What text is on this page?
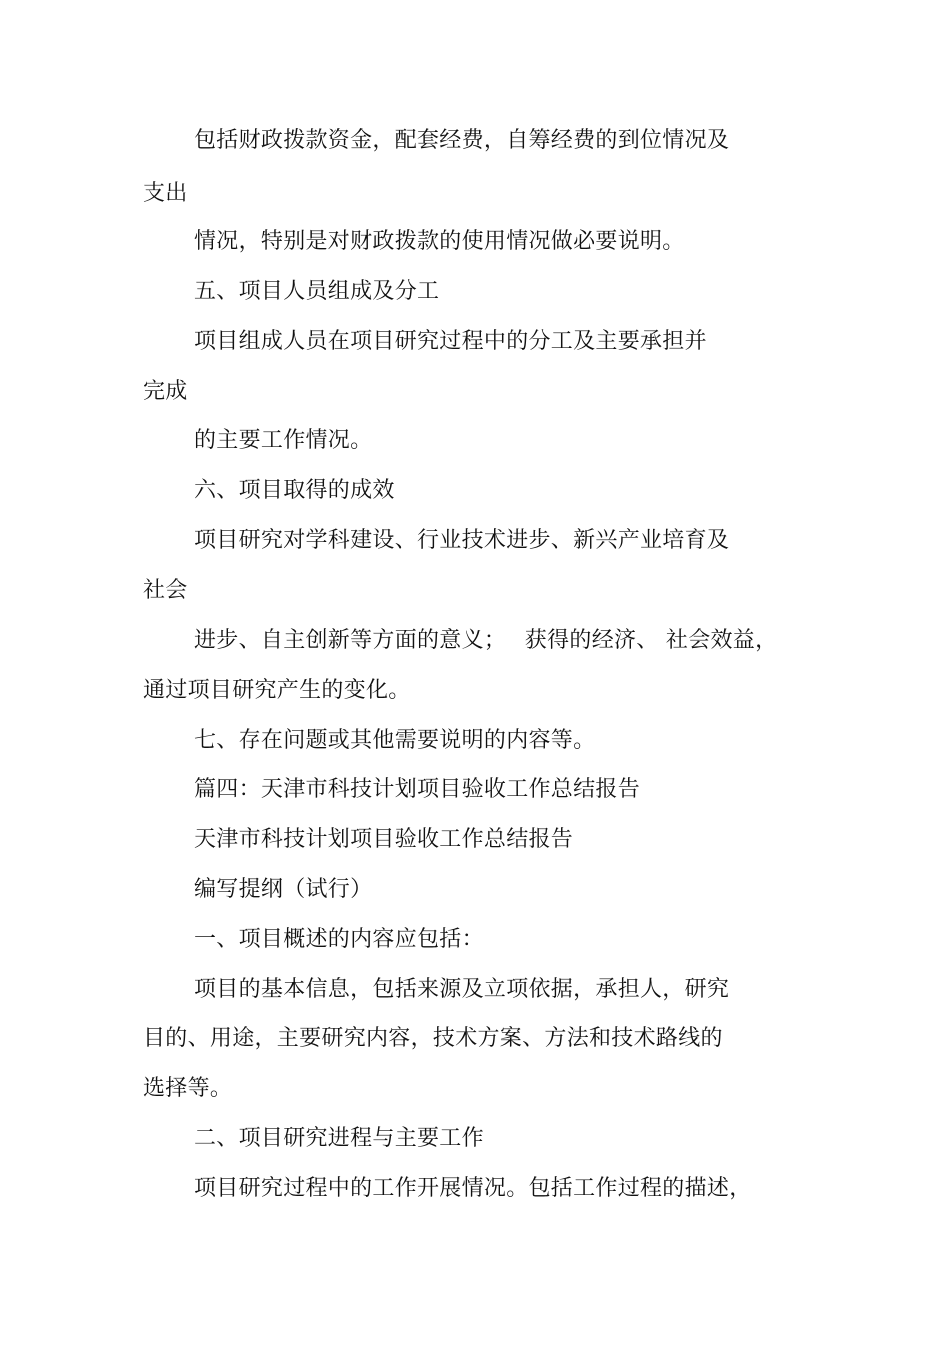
包括财政拨款资金，配套经费，自筹经费的到位情况及
支出
情况，特别是对财政拨款的使用情况做必要说明。
五、项目人员组成及分工
项目组成人员在项目研究过程中的分工及主要承担并
完成
的主要工作情况。
六、项目取得的成效
项目研究对学科建设、行业技术进步、新兴产业培育及
社会
进步、自主创新等方面的意义；　 获得的经济、 社会效益，
通过项目研究产生的变化。
七、存在问题或其他需要说明的内容等。
篇四：天津市科技计划项目验收工作总结报告
天津市科技计划项目验收工作总结报告
编写提纲（试行）
一、项目概述的内容应包括：
项目的基本信息，包括来源及立项依据，承担人，研究
目的、用途，主要研究内容，技术方案、方法和技术路线的
选择等。
二、项目研究进程与主要工作
项目研究过程中的工作开展情况。包括工作过程的描述，
